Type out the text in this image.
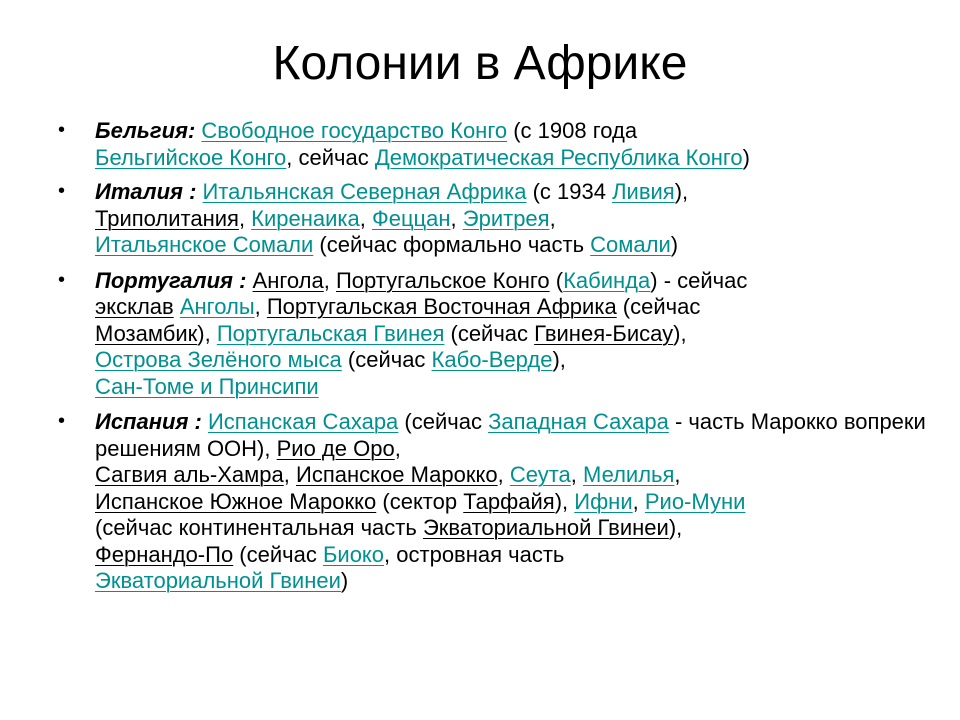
Колонии в Африке
• Бельгия: Свободное государство Конго (с 1908 года
Бельгийское Конго, сейчас Демократическая Республика Конго)
• Италия : Итальянская Северная Африка (с 1934 Ливия),
Триполитания, Киренаика, Феццан, Эритрея,
Итальянское Сомали (сейчас формально часть Сомали)
• Португалия : Ангола, Португальское Конго (Кабинда) - сейчас
эксклав Анголы, Португальская Восточная Африка (сейчас
Мозамбик), Португальская Гвинея (сейчас Гвинея-Бисау),
Острова Зелёного мыса (сейчас Кабо-Верде),
Сан-Томе и Принсипи
• Испания : Испанская Сахара (сейчас Западная Сахара - часть Марокко вопреки решениям ООН), Рио де Оро,
Сагвия аль-Хамра, Испанское Марокко, Сеута, Мелилья,
Испанское Южное Марокко (сектор Тарфайя), Ифни, Рио-Муни
(сейчас континентальная часть Экваториальной Гвинеи),
Фернандо-По (сейчас Биоко, островная часть
Экваториальной Гвинеи)
